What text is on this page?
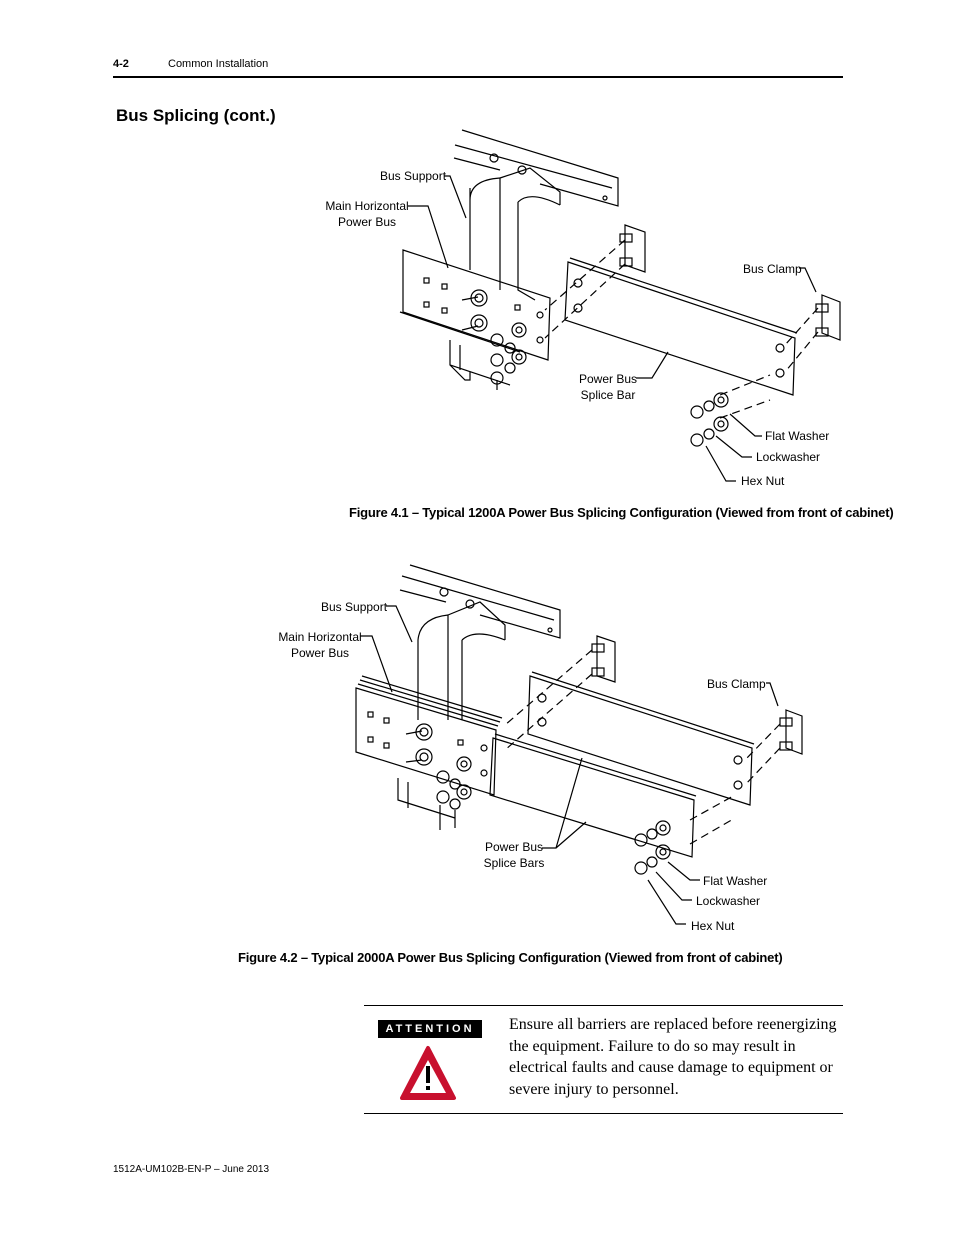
4-2	Common Installation
Bus Splicing (cont.)
Bus Support
Main Horizontal
Power Bus
Bus Clamp
Power Bus
Splice Bar
Flat Washer
Lockwasher
Hex Nut
Figure 4.1 – Typical 1200A Power Bus Splicing Configuration (Viewed from front of cabinet)
Bus Support
Main Horizontal
Power Bus
Bus Clamp
Power Bus
Splice Bars
Flat Washer
Lockwasher
Hex Nut
Figure 4.2 – Typical 2000A Power Bus Splicing Configuration (Viewed from front of cabinet)
ATTENTION	Ensure all barriers are replaced before reenergizing the equipment. Failure to do so may result in electrical faults and cause damage to equipment or severe injury to personnel.
1512A-UM102B-EN-P – June 2013
